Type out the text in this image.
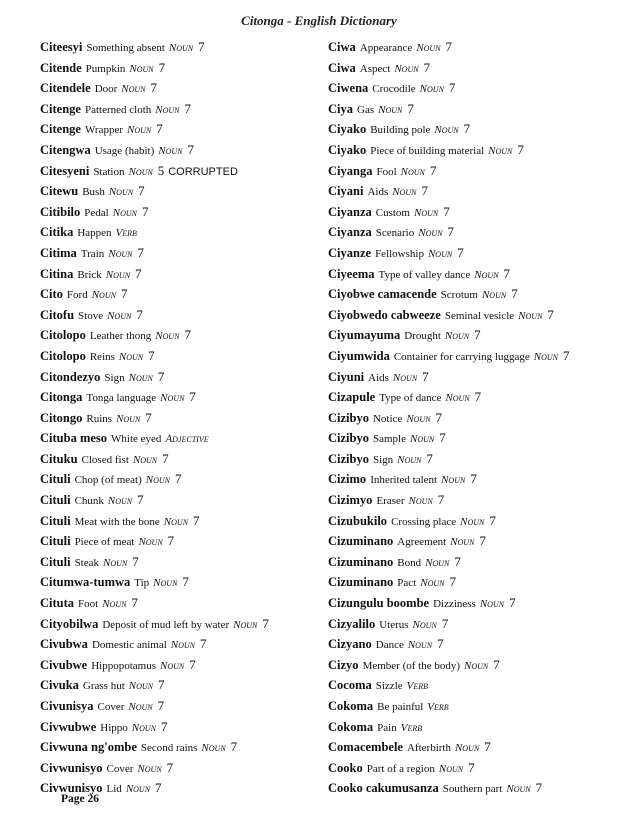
Citonga - English Dictionary
Citeesyi Something absent Noun 7
Citende Pumpkin Noun 7
Citendele Door Noun 7
Citenge Patterned cloth Noun 7
Citenge Wrapper Noun 7
Citengwa Usage (habit) Noun 7
Citesyeni Station Noun 5 CORRUPTED
Citewu Bush Noun 7
Citibilo Pedal Noun 7
Citika Happen Verb
Citima Train Noun 7
Citina Brick Noun 7
Cito Ford Noun 7
Citofu Stove Noun 7
Citolopo Leather thong Noun 7
Citolopo Reins Noun 7
Citondezyo Sign Noun 7
Citonga Tonga language Noun 7
Citongo Ruins Noun 7
Cituba meso White eyed Adjective
Cituku Closed fist Noun 7
Cituli Chop (of meat) Noun 7
Cituli Chunk Noun 7
Cituli Meat with the bone Noun 7
Cituli Piece of meat Noun 7
Cituli Steak Noun 7
Citumwa-tumwa Tip Noun 7
Cituta Foot Noun 7
Cityobilwa Deposit of mud left by water Noun 7
Civubwa Domestic animal Noun 7
Civubwe Hippopotamus Noun 7
Civuka Grass hut Noun 7
Civunisya Cover Noun 7
Civwubwe Hippo Noun 7
Civwuna ng'ombe Second rains Noun 7
Civwunisyo Cover Noun 7
Civwunisyo Lid Noun 7
Ciwa Appearance Noun 7
Ciwa Aspect Noun 7
Ciwena Crocodile Noun 7
Ciya Gas Noun 7
Ciyako Building pole Noun 7
Ciyako Piece of building material Noun 7
Ciyanga Fool Noun 7
Ciyani Aids Noun 7
Ciyanza Custom Noun 7
Ciyanza Scenario Noun 7
Ciyanze Fellowship Noun 7
Ciyeema Type of valley dance Noun 7
Ciyobwe camacende Scrotum Noun 7
Ciyobwedo cabweeze Seminal vesicle Noun 7
Ciyumayuma Drought Noun 7
Ciyumwida Container for carrying luggage Noun 7
Ciyuni Aids Noun 7
Cizapule Type of dance Noun 7
Cizibyo Notice Noun 7
Cizibyo Sample Noun 7
Cizibyo Sign Noun 7
Cizimo Inherited talent Noun 7
Cizimyo Eraser Noun 7
Cizubukilo Crossing place Noun 7
Cizuminano Agreement Noun 7
Cizuminano Bond Noun 7
Cizuminano Pact Noun 7
Cizungulu boombe Dizziness Noun 7
Cizyalilo Uterus Noun 7
Cizyano Dance Noun 7
Cizyo Member (of the body) Noun 7
Cocoma Sizzle Verb
Cokoma Be painful Verb
Cokoma Pain Verb
Comacembele Afterbirth Noun 7
Cooko Part of a region Noun 7
Cooko cakumusanza Southern part Noun 7
Page 26
